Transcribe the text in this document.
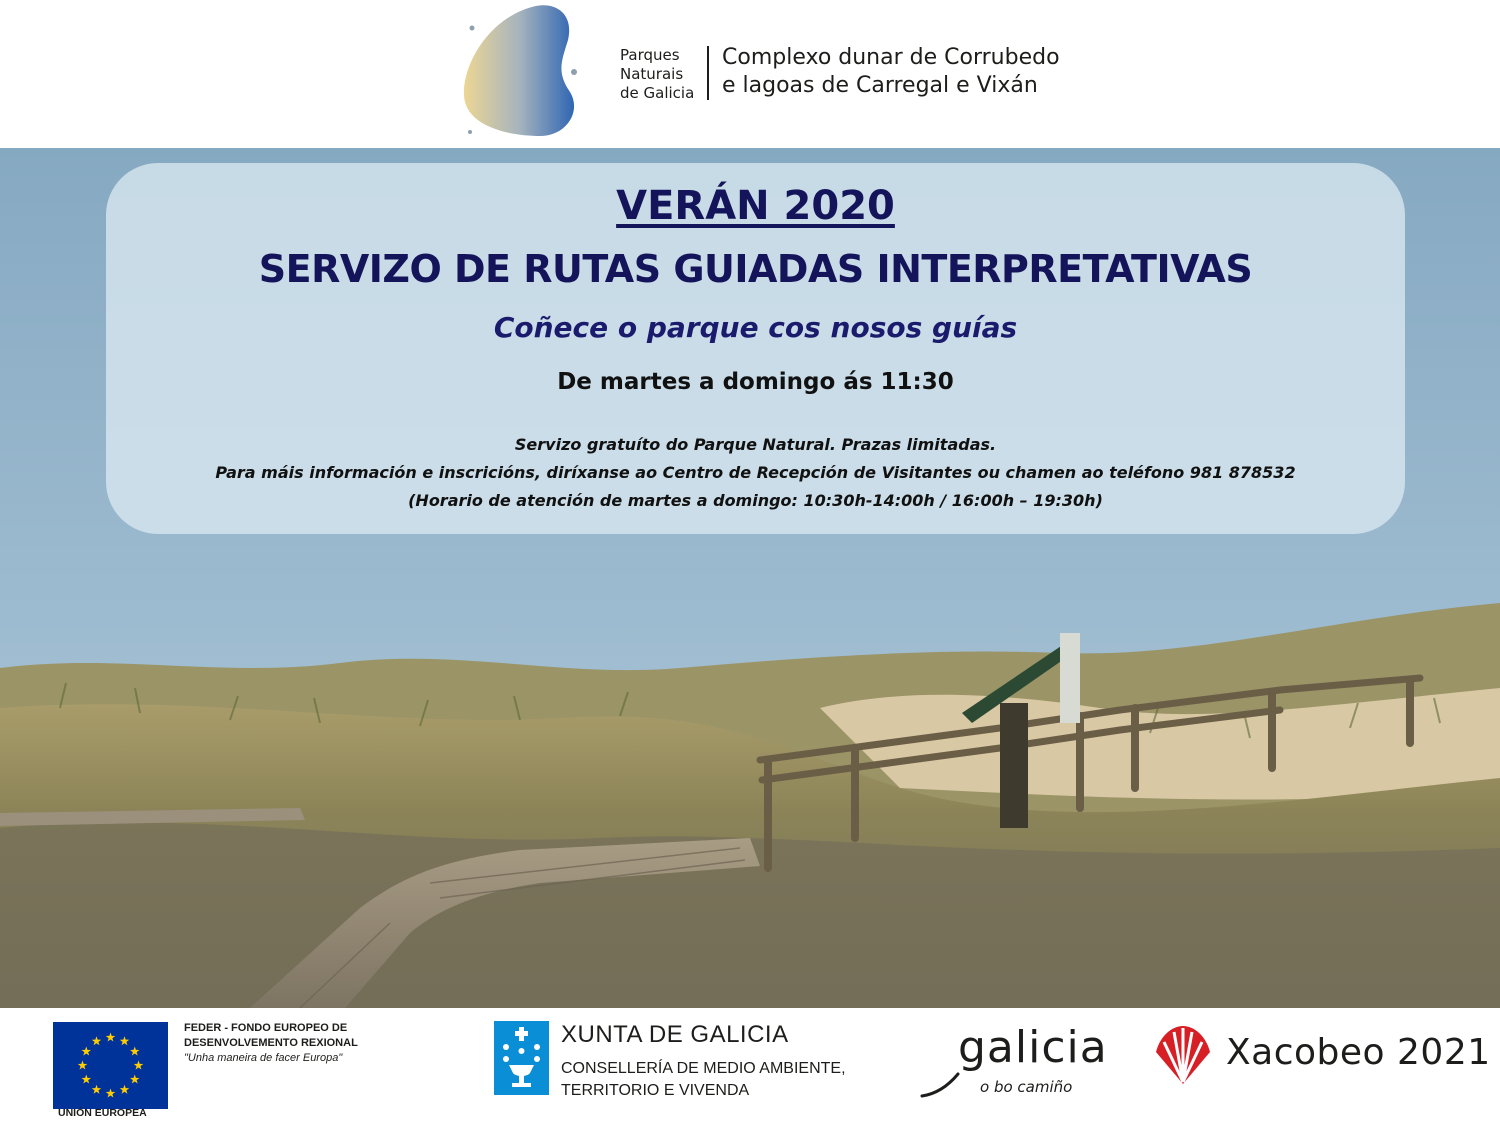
Parques
Naturais
de Galicia
Complexo dunar de Corrubedo
e lagoas de Carregal e Vixán
VERÁN 2020
SERVIZO DE RUTAS GUIADAS INTERPRETATIVAS
Coñece o parque cos nosos guías
De martes a domingo ás 11:30
Servizo gratuíto do Parque Natural. Prazas limitadas.
Para máis información e inscricións, diríxanse ao Centro de Recepción de Visitantes ou chamen ao teléfono 981 878532
(Horario de atención de martes a domingo: 10:30h-14:00h / 16:00h – 19:30h)
UNIÓN EUROPEA
FEDER - FONDO EUROPEO DE
DESENVOLVEMENTO REXIONAL
"Unha maneira de facer Europa"
XUNTA DE GALICIA
CONSELLERÍA DE MEDIO AMBIENTE,
TERRITORIO E VIVENDA
galicia
o bo camiño
Xacobeo 2021
